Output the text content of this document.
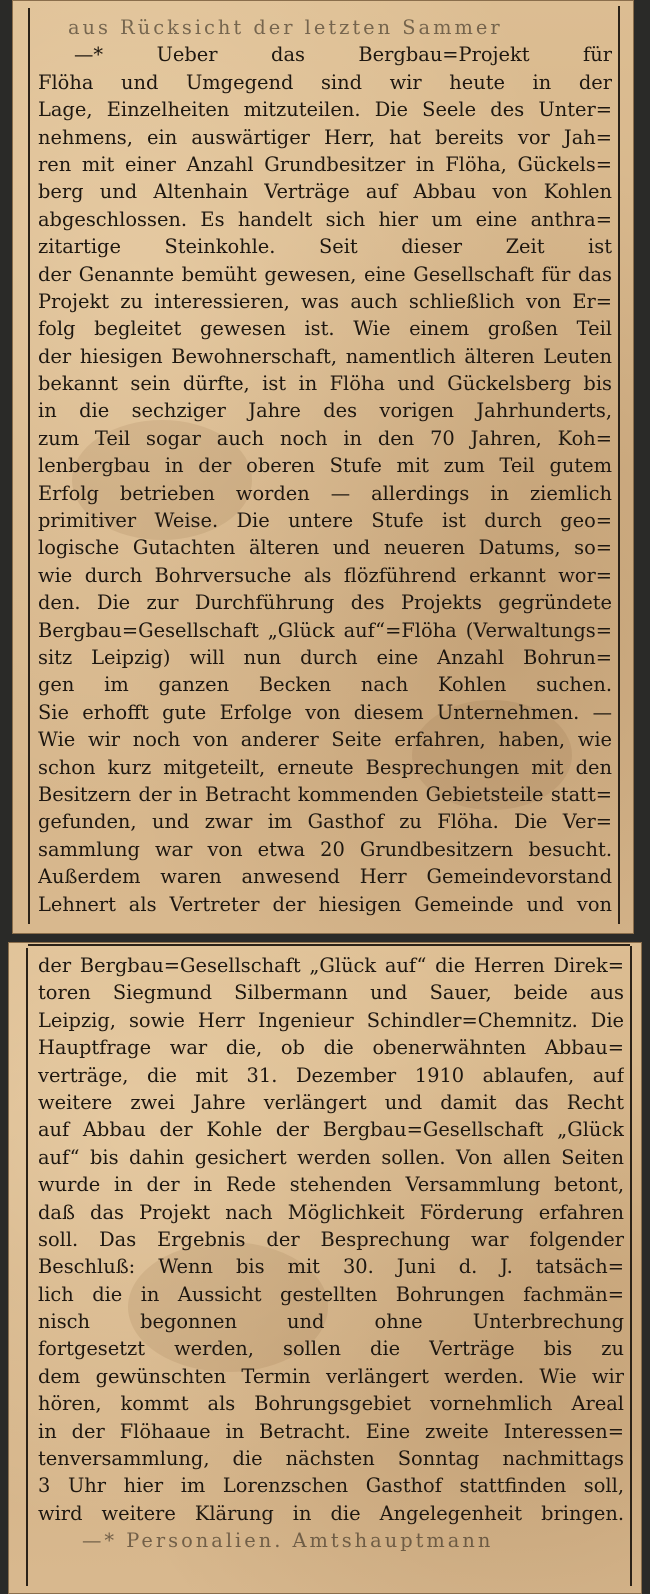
aus Rücksicht der letzten Sammer
—* Ueber das Bergbau=Projekt für
Flöha und Umgegend sind wir heute in der
Lage, Einzelheiten mitzuteilen. Die Seele des Unter=
nehmens, ein auswärtiger Herr, hat bereits vor Jah=
ren mit einer Anzahl Grundbesitzer in Flöha, Gückels=
berg und Altenhain Verträge auf Abbau von Kohlen
abgeschlossen. Es handelt sich hier um eine anthra=
zitartige Steinkohle. Seit dieser Zeit ist
der Genannte bemüht gewesen, eine Gesellschaft für das
Projekt zu interessieren, was auch schließlich von Er=
folg begleitet gewesen ist. Wie einem großen Teil
der hiesigen Bewohnerschaft, namentlich älteren Leuten
bekannt sein dürfte, ist in Flöha und Gückelsberg bis
in die sechziger Jahre des vorigen Jahrhunderts,
zum Teil sogar auch noch in den 70 Jahren, Koh=
lenbergbau in der oberen Stufe mit zum Teil gutem
Erfolg betrieben worden — allerdings in ziemlich
primitiver Weise. Die untere Stufe ist durch geo=
logische Gutachten älteren und neueren Datums, so=
wie durch Bohrversuche als flözführend erkannt wor=
den. Die zur Durchführung des Projekts gegründete
Bergbau=Gesellschaft „Glück auf“=Flöha (Verwaltungs=
sitz Leipzig) will nun durch eine Anzahl Bohrun=
gen im ganzen Becken nach Kohlen suchen.
Sie erhofft gute Erfolge von diesem Unternehmen. —
Wie wir noch von anderer Seite erfahren, haben, wie
schon kurz mitgeteilt, erneute Besprechungen mit den
Besitzern der in Betracht kommenden Gebietsteile statt=
gefunden, und zwar im Gasthof zu Flöha. Die Ver=
sammlung war von etwa 20 Grundbesitzern besucht.
Außerdem waren anwesend Herr Gemeindevorstand
Lehnert als Vertreter der hiesigen Gemeinde und von
der Bergbau=Gesellschaft „Glück auf“ die Herren Direk=
toren Siegmund Silbermann und Sauer, beide aus
Leipzig, sowie Herr Ingenieur Schindler=Chemnitz. Die
Hauptfrage war die, ob die obenerwähnten Abbau=
verträge, die mit 31. Dezember 1910 ablaufen, auf
weitere zwei Jahre verlängert und damit das Recht
auf Abbau der Kohle der Bergbau=Gesellschaft „Glück
auf“ bis dahin gesichert werden sollen. Von allen Seiten
wurde in der in Rede stehenden Versammlung betont,
daß das Projekt nach Möglichkeit Förderung erfahren
soll. Das Ergebnis der Besprechung war folgender
Beschluß: Wenn bis mit 30. Juni d. J. tatsäch=
lich die in Aussicht gestellten Bohrungen fachmän=
nisch begonnen und ohne Unterbrechung
fortgesetzt werden, sollen die Verträge bis zu
dem gewünschten Termin verlängert werden. Wie wir
hören, kommt als Bohrungsgebiet vornehmlich Areal
in der Flöhaaue in Betracht. Eine zweite Interessen=
tenversammlung, die nächsten Sonntag nachmittags
3 Uhr hier im Lorenzschen Gasthof stattfinden soll,
wird weitere Klärung in die Angelegenheit bringen.
—* Personalien. Amtshauptmann
